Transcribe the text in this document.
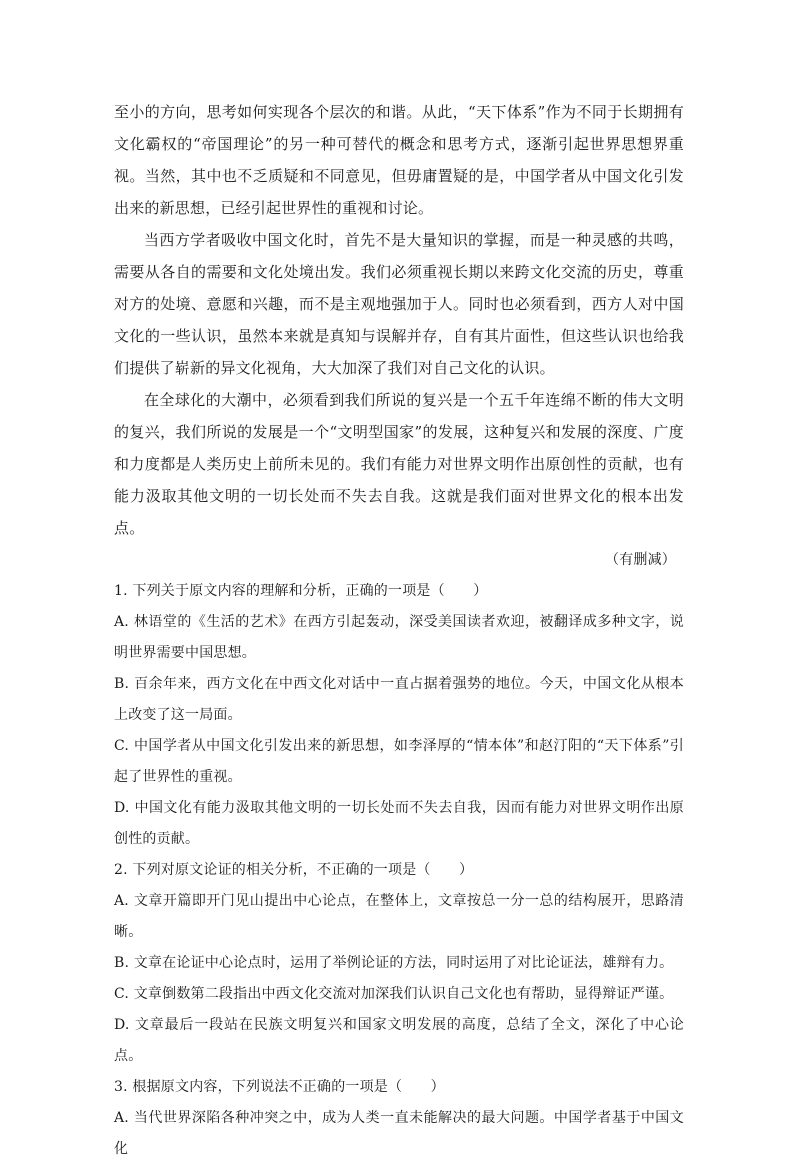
至小的方向，思考如何实现各个层次的和谐。从此，“天下体系”作为不同于长期拥有文化霸权的“帝国理论”的另一种可替代的概念和思考方式，逐渐引起世界思想界重视。当然，其中也不乏质疑和不同意见，但毋庸置疑的是，中国学者从中国文化引发出来的新思想，已经引起世界性的重视和讨论。

当西方学者吸收中国文化时，首先不是大量知识的掌握，而是一种灵感的共鸣，需要从各自的需要和文化处境出发。我们必须重视长期以来跨文化交流的历史，尊重对方的处境、意愿和兴趣，而不是主观地强加于人。同时也必须看到，西方人对中国文化的一些认识，虽然本来就是真知与误解并存，自有其片面性，但这些认识也给我们提供了崭新的异文化视角，大大加深了我们对自己文化的认识。

在全球化的大潮中，必须看到我们所说的复兴是一个五千年连绵不断的伟大文明的复兴，我们所说的发展是一个“文明型国家”的发展，这种复兴和发展的深度、广度和力度都是人类历史上前所未见的。我们有能力对世界文明作出原创性的贡献，也有能力汲取其他文明的一切长处而不失去自我。这就是我们面对世界文化的根本出发点。

（有删减）

1. 下列关于原文内容的理解和分析，正确的一项是（　　）

A. 林语堂的《生活的艺术》在西方引起轰动，深受美国读者欢迎，被翻译成多种文字，说明世界需要中国思想。

B. 百余年来，西方文化在中西文化对话中一直占据着强势的地位。今天，中国文化从根本上改变了这一局面。

C. 中国学者从中国文化引发出来的新思想，如李泽厚的“情本体”和赵汀阳的“天下体系”引起了世界性的重视。

D. 中国文化有能力汲取其他文明的一切长处而不失去自我，因而有能力对世界文明作出原创性的贡献。

2. 下列对原文论证的相关分析，不正确的一项是（　　）

A. 文章开篇即开门见山提出中心论点，在整体上，文章按总一分一总的结构展开，思路清晰。

B. 文章在论证中心论点时，运用了举例论证的方法，同时运用了对比论证法，雄辩有力。

C. 文章倒数第二段指出中西文化交流对加深我们认识自己文化也有帮助，显得辩证严谨。

D. 文章最后一段站在民族文明复兴和国家文明发展的高度，总结了全文，深化了中心论点。

3. 根据原文内容，下列说法不正确的一项是（　　）

A. 当代世界深陷各种冲突之中，成为人类一直未能解决的最大问题。中国学者基于中国文化
